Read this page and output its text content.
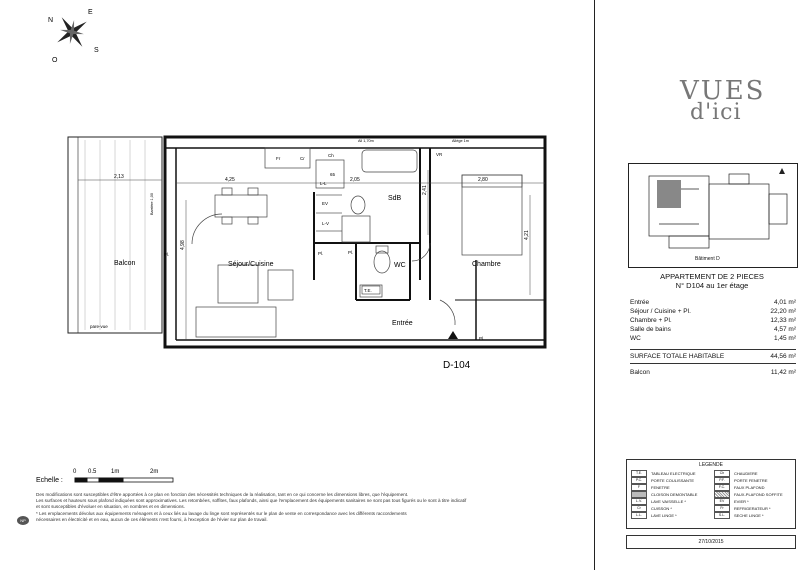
N
E
S
O
Balcon	Séjour/Cuisine
SdB
WC	Chambre
Entrée
4,25	2,05	2,80
2,13
4,98
4,21
2,41
65
Fr	Cr
Ch
L-L
EV
L-V
Pl.	Pl.	Pl.
Pl.
VR
T.E.
pare-vue
Barrière 1,00
All 1,70m	Allège 1m
D-104
Echelle :
0 0.5 1m	2m
NP
Des modifications sont susceptibles d'être apportées à ce plan en fonction des nécessités techniques de la réalisation, tant en ce qui concerne les dimensions libres, que l'équipement.
Les surfaces et hauteurs sous plafond indiquées sont approximatives. Les retombées, soffites, faux plafonds, ainsi que l'emplacement des équipements sanitaires ne sont pas tous figurés ou le sont à titre indicatif
et sont susceptibles d'évoluer en situation, en nombres et en dimensions.
* Les emplacements dévolus aux équipements ménagers et à ceux liés au lavage du linge sont représentés sur le plan de vente en correspondance avec les différents raccordements
nécessaires en électricité et en eau, aucun de ces éléments n'est fourni, à l'exception de l'évier sur plan de travail.
VUES
d'ici
Bâtiment D
APPARTEMENT DE 2 PIECES
N° D104 au 1er étage
Entrée	4,01 m²
Séjour / Cuisine + Pl.	22,20 m²
Chambre + Pl.	12,33 m²
Salle de bains	4,57 m²
WC	1,45 m²
SURFACE TOTALE HABITABLE	44,56 m²
Balcon	11,42 m²
LEGENDE
T.E.	TABLEAU ELECTRIQUE	Ch	CHAUDIERE
P.C.	PORTE COULISSANTE	P.F.	PORTE FENETRE
F	FENETRE	F.C.	FAUX PLAFOND
CLOISON DEMONTABLE	FAUX-PLAFOND SOFFITE
L.V.	LAVE VAISSELLE *	EV	EVIER *
Cr	CUISSON *	Fr	REFRIGERATEUR *
L.L.	LAVE LINGE *	S.L.	SECHE LINGE *
27/10/2015
